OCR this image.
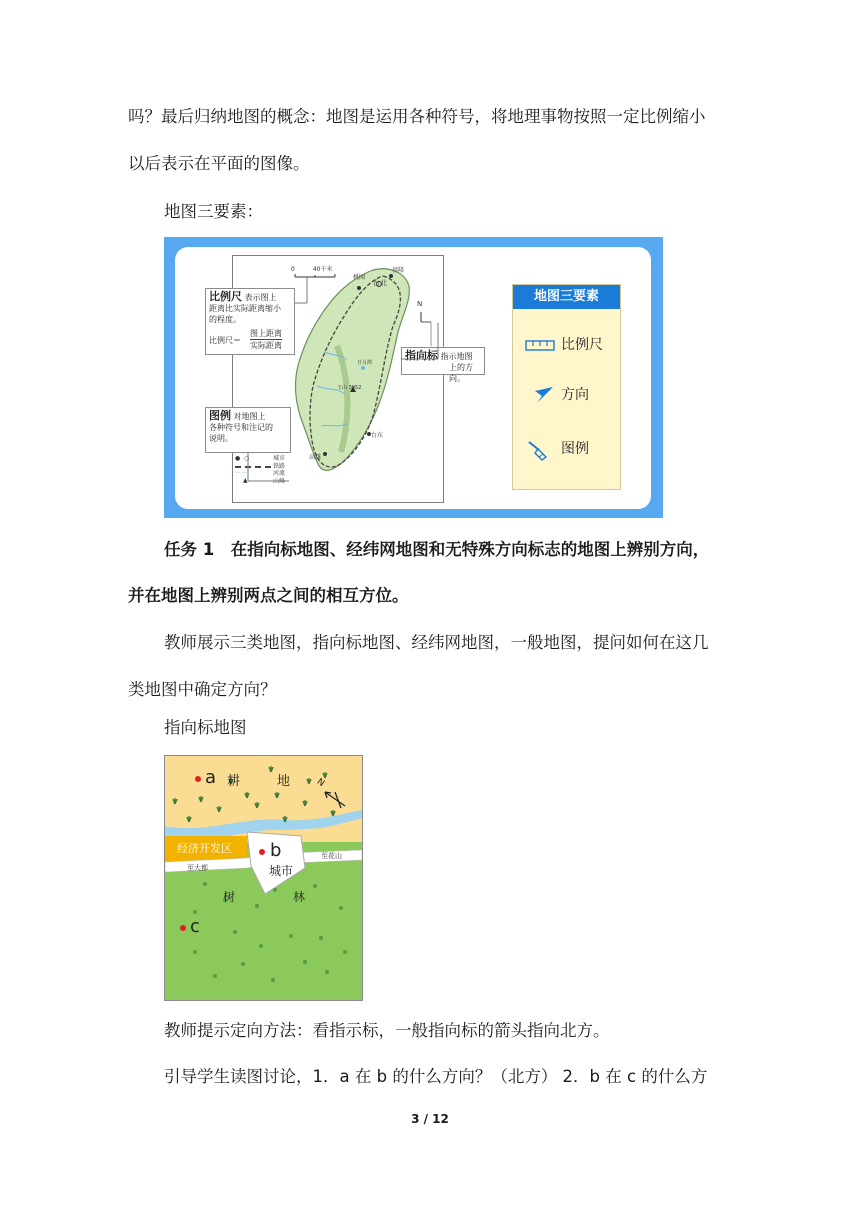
吗？最后归纳地图的概念：地图是运用各种符号，将地理事物按照一定比例缩小
以后表示在平面的图像。
地图三要素：
0　　　40千米	基隆
台北
桃园
日月潭
玉山 3952
台东
高雄
N
比例尺 表示图上
距离比实际距离缩小
的程度。
比例尺＝
图上距离
实际距离
指向标 指示地图
上的方向。
图例 对地图上
各种符号和注记的
说明。
●  ○
～～
▲
城市
铁路
河流
山峰
地图三要素
比例尺
方向
图例
任务 1　在指向标地图、经纬网地图和无特殊方向标志的地图上辨别方向，
并在地图上辨别两点之间的相互方位。
教师展示三类地图，指向标地图、经纬网地图，一般地图，提问如何在这几
类地图中确定方向？
指向标地图
a 耕	地	N
经济开发区 b
城市
至大都
至花山
树	林
c
教师提示定向方法：看指示标，一般指向标的箭头指向北方。
引导学生读图讨论，1．a 在 b 的什么方向？（北方） 2．b 在 c 的什么方
3 / 12
